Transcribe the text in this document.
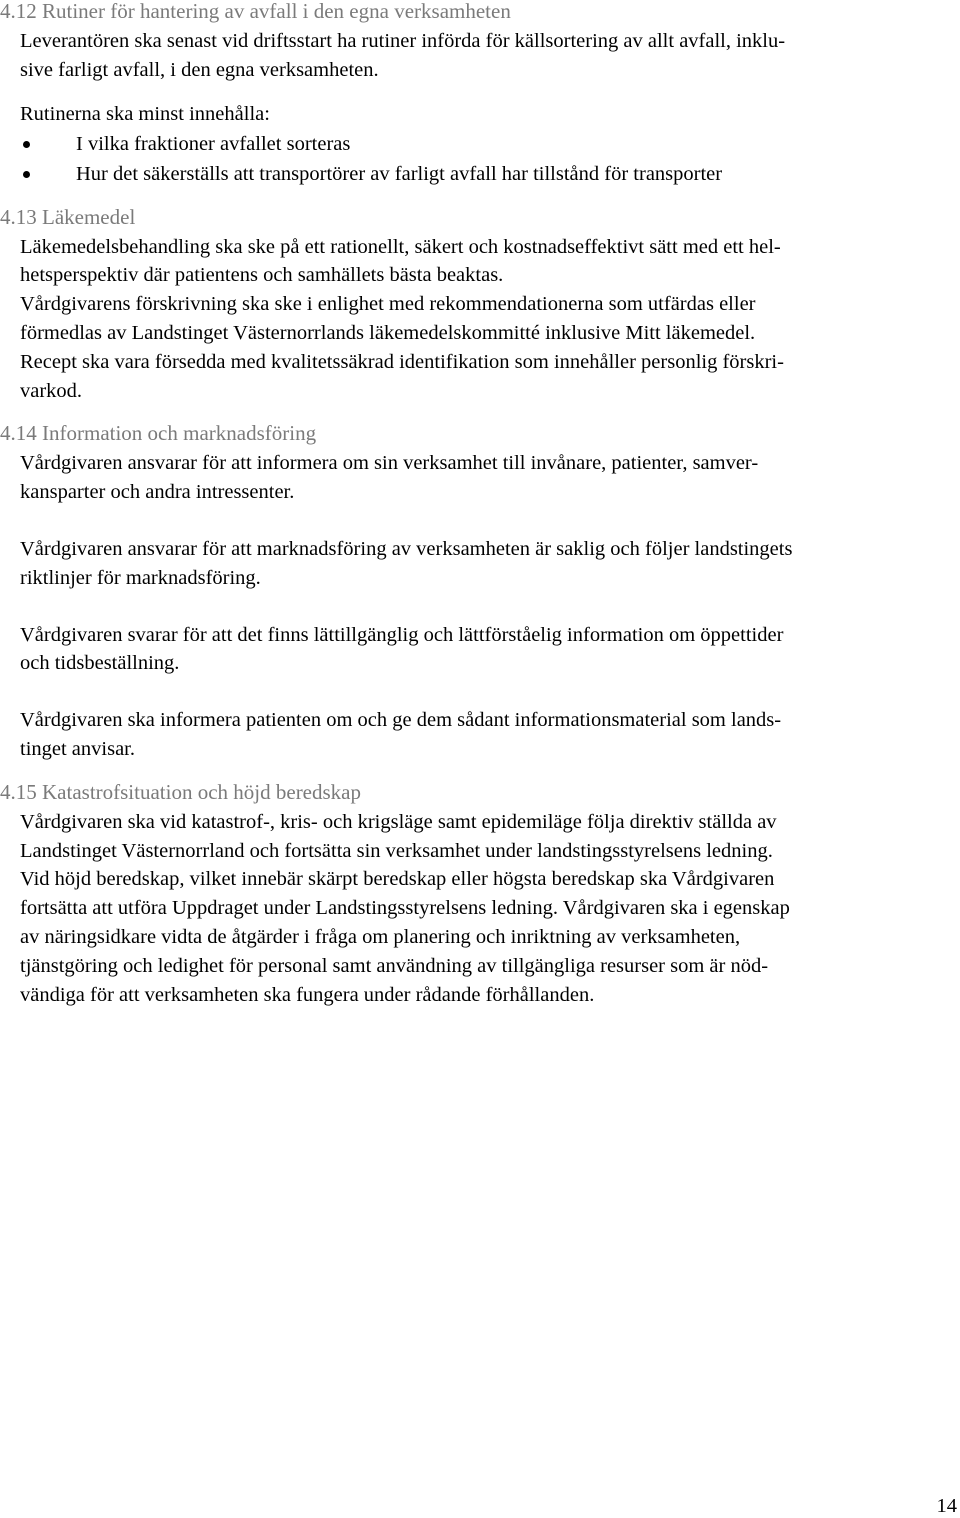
4.12 Rutiner för hantering av avfall i den egna verksamheten

Leverantören ska senast vid driftsstart ha rutiner införda för källsortering av allt avfall, inklu-

sive farligt avfall, i den egna verksamheten.

Rutinerna ska minst innehålla:

I vilka fraktioner avfallet sorteras
Hur det säkerställs att transportörer av farligt avfall har tillstånd för transporter
4.13 Läkemedel

Läkemedelsbehandling ska ske på ett rationellt, säkert och kostnadseffektivt sätt med ett hel-

hetsperspektiv där patientens och samhällets bästa beaktas.

Vårdgivarens förskrivning ska ske i enlighet med rekommendationerna som utfärdas eller

förmedlas av Landstinget Västernorrlands läkemedelskommitté inklusive Mitt läkemedel.

Recept ska vara försedda med kvalitetssäkrad identifikation som innehåller personlig förskri-

varkod.

4.14 Information och marknadsföring

Vårdgivaren ansvarar för att informera om sin verksamhet till invånare, patienter, samver-

kansparter och andra intressenter.

Vårdgivaren ansvarar för att marknadsföring av verksamheten är saklig och följer landstingets

riktlinjer för marknadsföring.

Vårdgivaren svarar för att det finns lättillgänglig och lättförståelig information om öppettider

och tidsbeställning.

Vårdgivaren ska informera patienten om och ge dem sådant informationsmaterial som lands-

tinget anvisar.

4.15 Katastrofsituation och höjd beredskap

Vårdgivaren ska vid katastrof-, kris- och krigsläge samt epidemiläge följa direktiv ställda av

Landstinget Västernorrland och fortsätta sin verksamhet under landstingsstyrelsens ledning.

Vid höjd beredskap, vilket innebär skärpt beredskap eller högsta beredskap ska Vårdgivaren

fortsätta att utföra Uppdraget under Landstingsstyrelsens ledning. Vårdgivaren ska i egenskap

av näringsidkare vidta de åtgärder i fråga om planering och inriktning av verksamheten,

tjänstgöring och ledighet för personal samt användning av tillgängliga resurser som är nöd-

vändiga för att verksamheten ska fungera under rådande förhållanden.

14
